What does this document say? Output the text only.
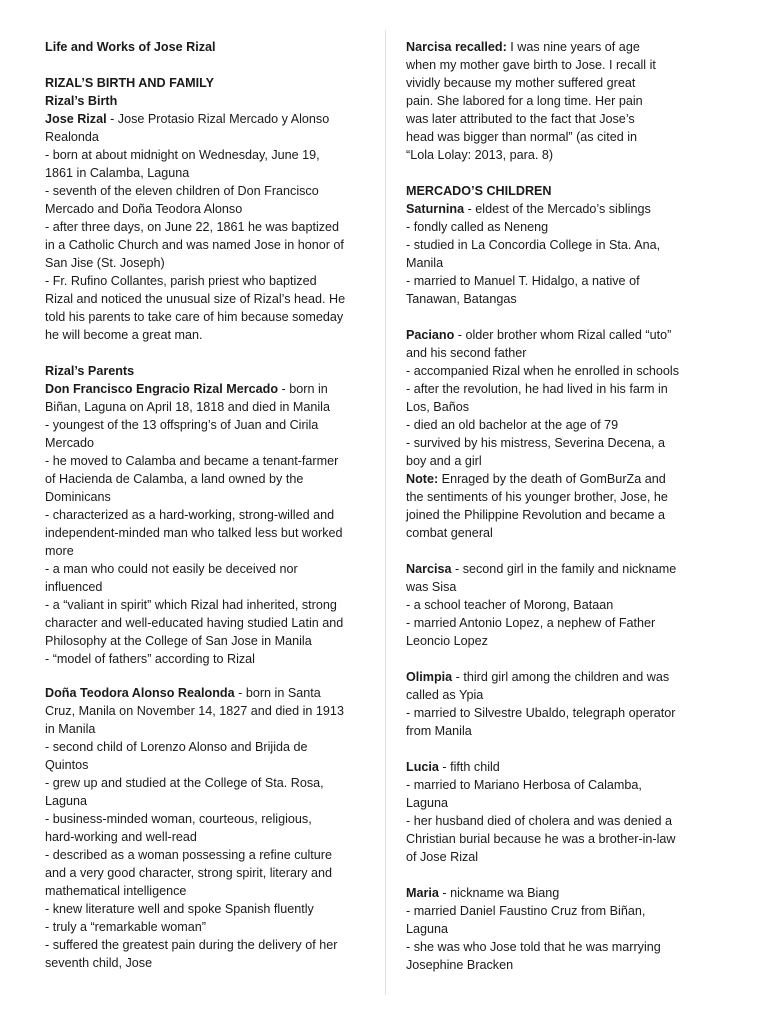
Life and Works of Jose Rizal

RIZAL’S BIRTH AND FAMILY

Rizal’s Birth

Jose Rizal - Jose Protasio Rizal Mercado y Alonso

Realonda

- born at about midnight on Wednesday, June 19,

1861 in Calamba, Laguna

- seventh of the eleven children of Don Francisco

Mercado and Doña Teodora Alonso

- after three days, on June 22, 1861 he was baptized

in a Catholic Church and was named Jose in honor of

San Jise (St. Joseph)

- Fr. Rufino Collantes, parish priest who baptized

Rizal and noticed the unusual size of Rizal’s head. He

told his parents to take care of him because someday

he will become a great man.

Rizal’s Parents

Don Francisco Engracio Rizal Mercado - born in

Biñan, Laguna on April 18, 1818 and died in Manila

- youngest of the 13 offspring’s of Juan and Cirila

Mercado

- he moved to Calamba and became a tenant-farmer

of Hacienda de Calamba, a land owned by the

Dominicans

- characterized as a hard-working, strong-willed and

independent-minded man who talked less but worked

more

- a man who could not easily be deceived nor

influenced

- a “valiant in spirit” which Rizal had inherited, strong

character and well-educated having studied Latin and

Philosophy at the College of San Jose in Manila

- “model of fathers” according to Rizal

Doña Teodora Alonso Realonda - born in Santa

Cruz, Manila on November 14, 1827 and died in 1913

in Manila

- second child of Lorenzo Alonso and Brijida de

Quintos

- grew up and studied at the College of Sta. Rosa,

Laguna

- business-minded woman, courteous, religious,

hard-working and well-read

- described as a woman possessing a refine culture

and a very good character, strong spirit, literary and

mathematical intelligence

- knew literature well and spoke Spanish fluently

- truly a “remarkable woman”

- suffered the greatest pain during the delivery of her

seventh child, Jose

Narcisa recalled: I was nine years of age

when my mother gave birth to Jose. I recall it

vividly because my mother suffered great

pain. She labored for a long time. Her pain

was later attributed to the fact that Jose’s

head was bigger than normal” (as cited in

“Lola Lolay: 2013, para. 8)

MERCADO’S CHILDREN

Saturnina - eldest of the Mercado’s siblings

- fondly called as Neneng

- studied in La Concordia College in Sta. Ana,

Manila

- married to Manuel T. Hidalgo, a native of

Tanawan, Batangas

Paciano - older brother whom Rizal called “uto”

and his second father

- accompanied Rizal when he enrolled in schools

- after the revolution, he had lived in his farm in

Los, Baños

- died an old bachelor at the age of 79

- survived by his mistress, Severina Decena, a

boy and a girl

Note: Enraged by the death of GomBurZa and

the sentiments of his younger brother, Jose, he

joined the Philippine Revolution and became a

combat general

Narcisa - second girl in the family and nickname

was Sisa

- a school teacher of Morong, Bataan

- married Antonio Lopez, a nephew of Father

Leoncio Lopez

Olimpia - third girl among the children and was

called as Ypia

- married to Silvestre Ubaldo, telegraph operator

from Manila

Lucia - fifth child

- married to Mariano Herbosa of Calamba,

Laguna

- her husband died of cholera and was denied a

Christian burial because he was a brother-in-law

of Jose Rizal

Maria - nickname wa Biang

- married Daniel Faustino Cruz from Biñan,

Laguna

- she was who Jose told that he was marrying

Josephine Bracken
